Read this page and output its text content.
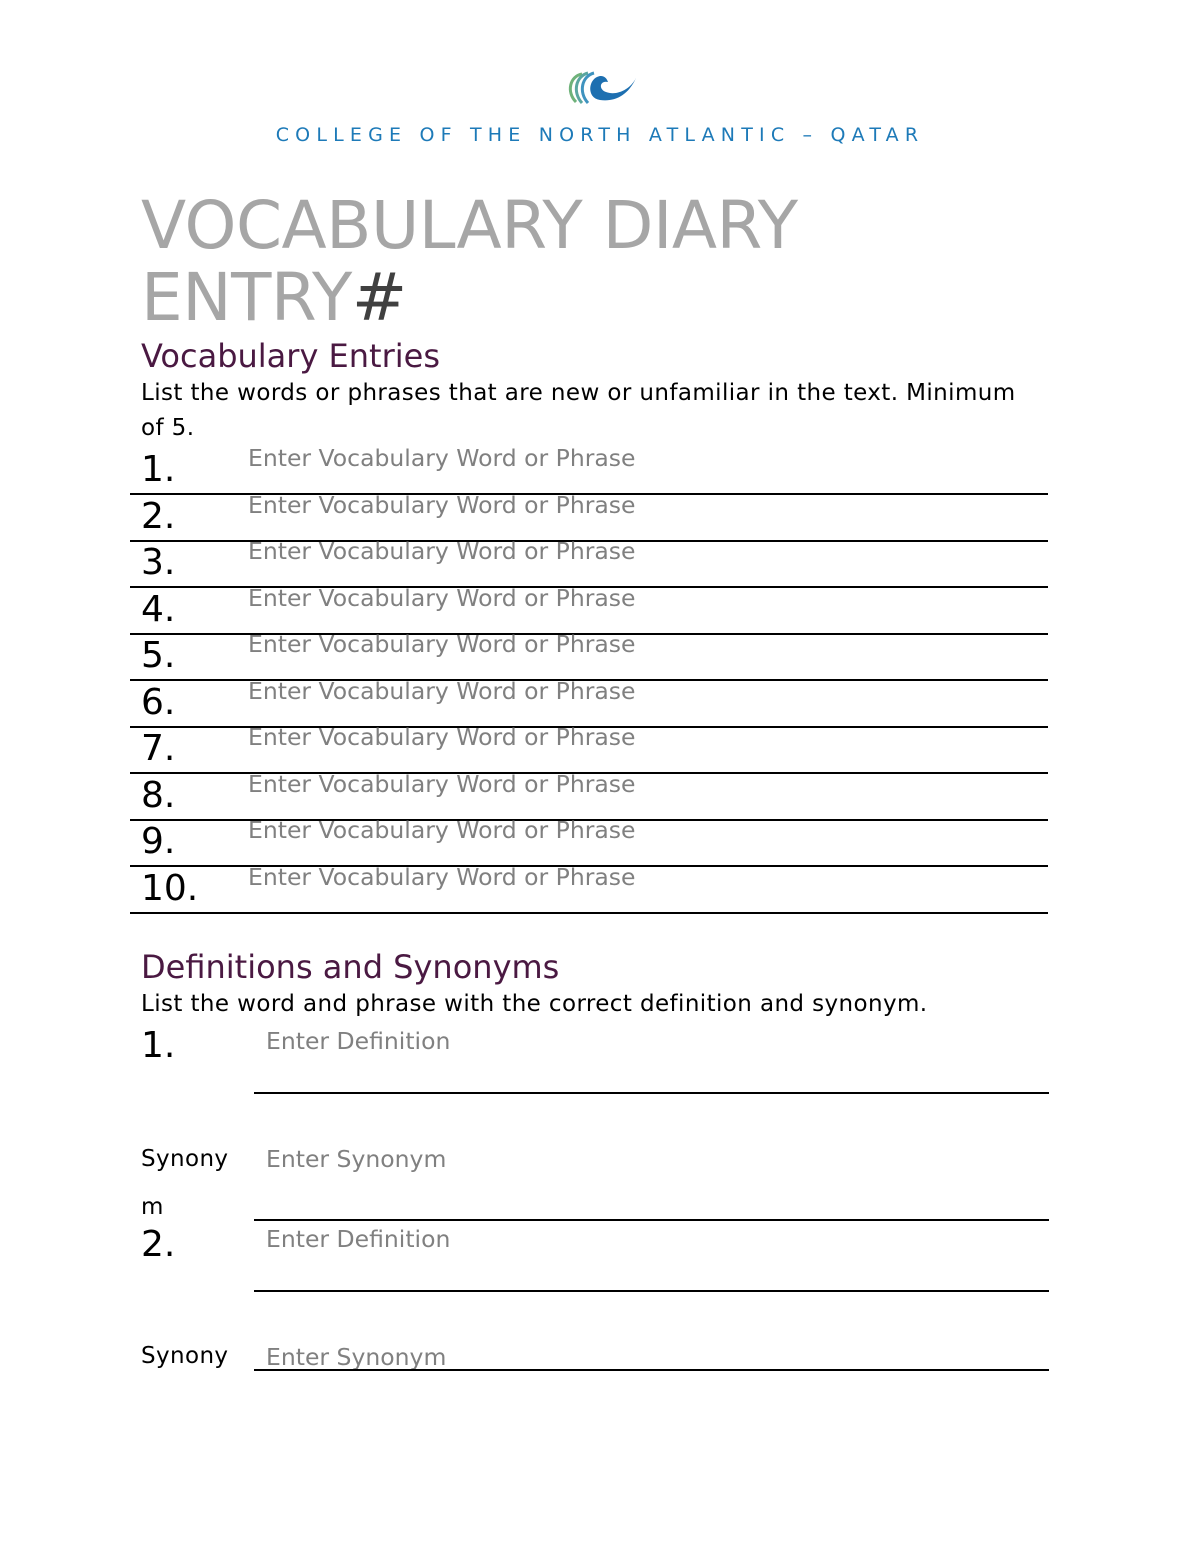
COLLEGE OF THE NORTH ATLANTIC – QATAR
VOCABULARY DIARY ENTRY#
Vocabulary Entries
List the words or phrases that are new or unfamiliar in the text. Minimum of 5.
1.	Enter Vocabulary Word or Phrase
2.	Enter Vocabulary Word or Phrase
3.	Enter Vocabulary Word or Phrase
4.	Enter Vocabulary Word or Phrase
5.	Enter Vocabulary Word or Phrase
6.	Enter Vocabulary Word or Phrase
7.	Enter Vocabulary Word or Phrase
8.	Enter Vocabulary Word or Phrase
9.	Enter Vocabulary Word or Phrase
10. Enter Vocabulary Word or Phrase
Definitions and Synonyms
List the word and phrase with the correct definition and synonym.
1.	Enter Definition
Synonym
Enter Synonym
2.	Enter Definition
Synony	Enter Synonym
